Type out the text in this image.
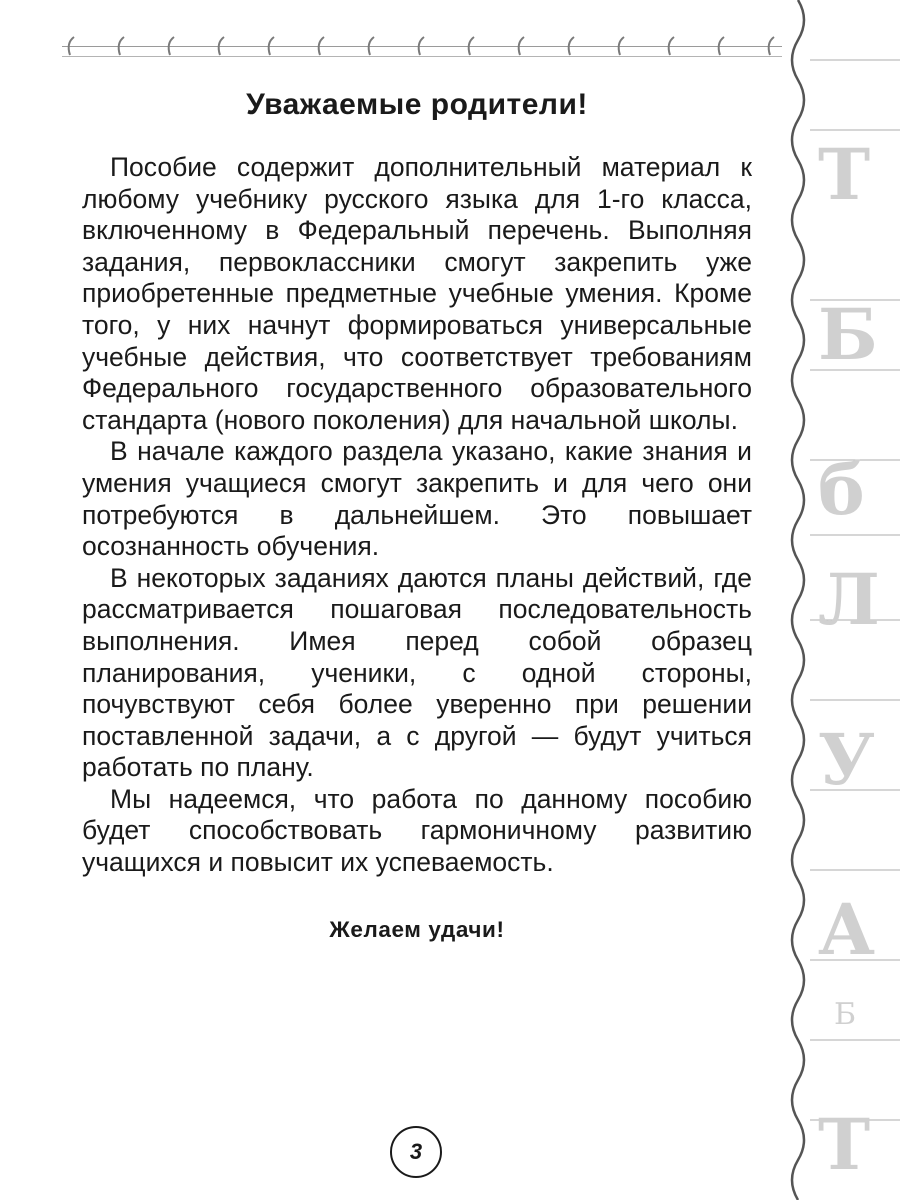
Т
Б
б
Л
У
А
Б
Т
Уважаемые родители!

Пособие содержит дополнительный материал к любому учебнику русского языка для 1-го класса, включенному в Федеральный перечень. Выполняя задания, первоклассники смогут закрепить уже приобретенные предметные учебные умения. Кроме того, у них начнут формироваться универсальные учебные действия, что соответствует требованиям Федерального государственного образовательного стандарта (нового поколения) для начальной школы.

В начале каждого раздела указано, какие знания и умения учащиеся смогут закрепить и для чего они потребуются в дальнейшем. Это повышает осознанность обучения.

В некоторых заданиях даются планы действий, где рассматривается пошаговая последовательность выполнения. Имея перед собой образец планирования, ученики, с одной стороны, почувствуют себя более уверенно при решении поставленной задачи, а с другой — будут учиться работать по плану.

Мы надеемся, что работа по данному пособию будет способствовать гармоничному развитию учащихся и повысит их успеваемость.

Желаем удачи!
3
